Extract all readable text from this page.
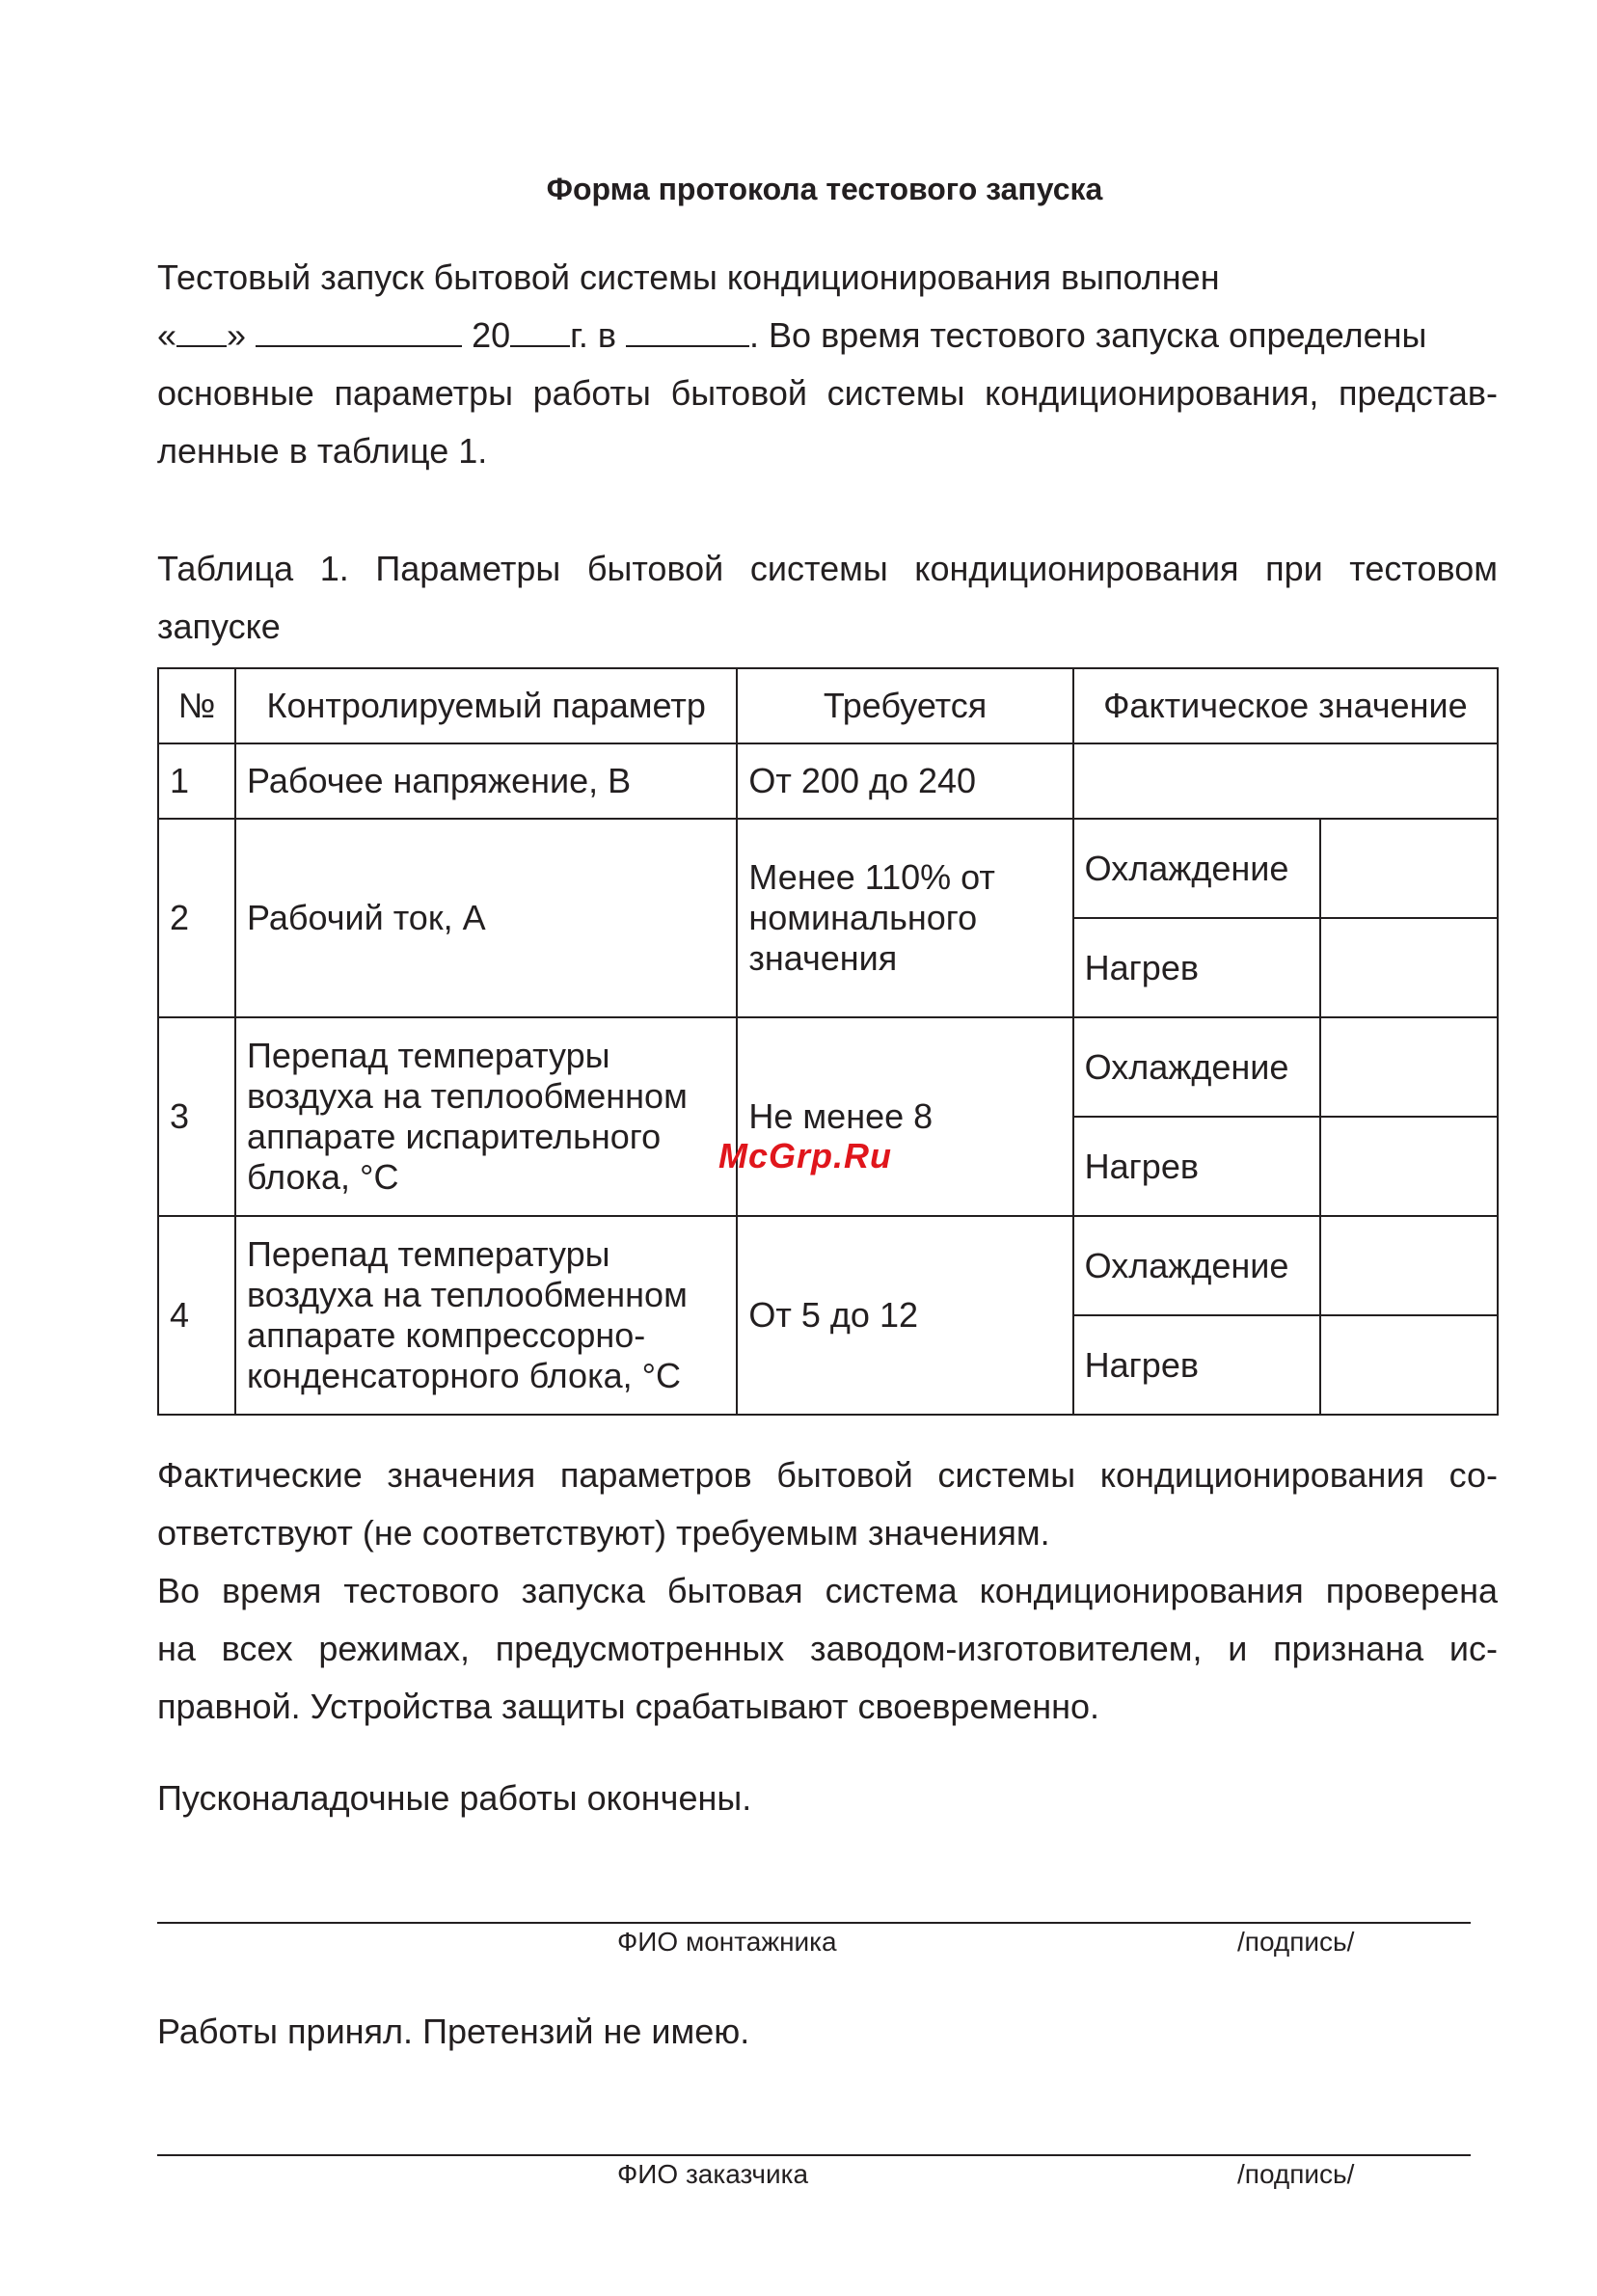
Форма протокола тестового запуска
Тестовый запуск бытовой системы кондиционирования выполнен
« »	20 г. в	. Во время тестового запуска определены
основные параметры работы бытовой системы кондиционирования, представ-
ленные в таблице 1.
Таблица 1. Параметры бытовой системы кондиционирования при тестовом
запуске
№	Контролируемый параметр	Требуется	Фактическое значение	
1	Рабочее напряжение, В	От 200 до 240		
2	Рабочий ток, А	Менее 110% от номинального значения	Охлаждение	
			Нагрев	
3	Перепад температуры воздуха на теплообменном аппарате испарительного блока, °С	Не менее 8	Охлаждение	
			Нагрев	
4	Перепад температуры воздуха на теплообменном аппарате компрессорно-конденсаторного блока, °С	От 5 до 12	Охлаждение	
			Нагрев	
McGrp.Ru
Фактические значения параметров бытовой системы кондиционирования со-
ответствуют (не соответствуют) требуемым значениям.
Во время тестового запуска бытовая система кондиционирования проверена
на всех режимах, предусмотренных заводом-изготовителем, и признана ис-
правной. Устройства защиты срабатывают своевременно.
Пусконаладочные работы окончены.
ФИО монтажника	/подпись/
Работы принял. Претензий не имею.
ФИО заказчика	/подпись/
